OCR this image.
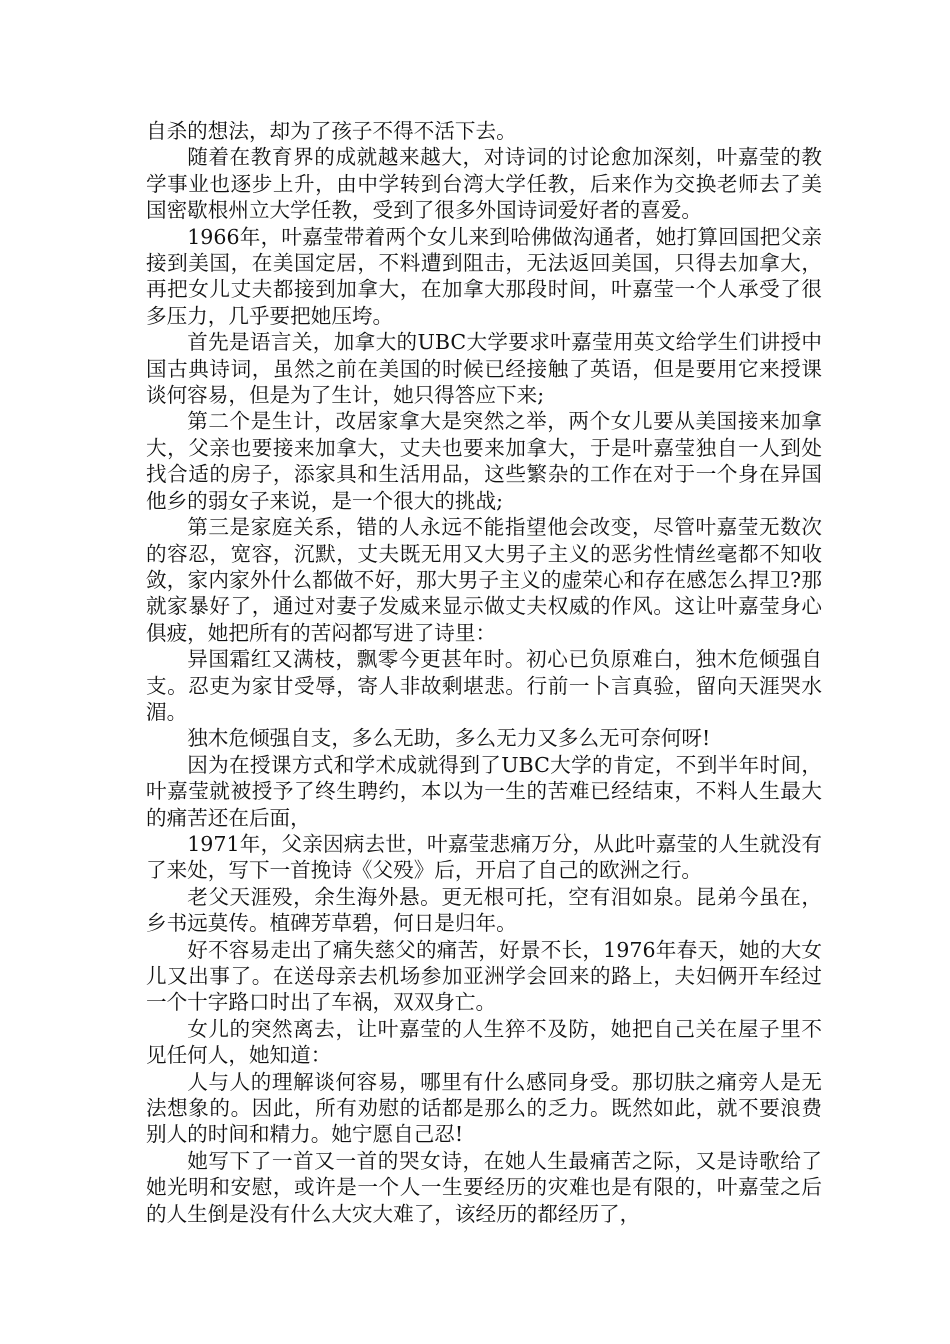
自杀的想法，却为了孩子不得不活下去。

随着在教育界的成就越来越大，对诗词的讨论愈加深刻，叶嘉莹的教学事业也逐步上升，由中学转到台湾大学任教，后来作为交换老师去了美国密歇根州立大学任教，受到了很多外国诗词爱好者的喜爱。

1966年，叶嘉莹带着两个女儿来到哈佛做沟通者，她打算回国把父亲接到美国，在美国定居，不料遭到阻击，无法返回美国，只得去加拿大，再把女儿丈夫都接到加拿大，在加拿大那段时间，叶嘉莹一个人承受了很多压力，几乎要把她压垮。

首先是语言关，加拿大的UBC大学要求叶嘉莹用英文给学生们讲授中国古典诗词，虽然之前在美国的时候已经接触了英语，但是要用它来授课谈何容易，但是为了生计，她只得答应下来;

第二个是生计，改居家拿大是突然之举，两个女儿要从美国接来加拿大，父亲也要接来加拿大，丈夫也要来加拿大，于是叶嘉莹独自一人到处找合适的房子，添家具和生活用品，这些繁杂的工作在对于一个身在异国他乡的弱女子来说，是一个很大的挑战;

第三是家庭关系，错的人永远不能指望他会改变，尽管叶嘉莹无数次的容忍，宽容，沉默，丈夫既无用又大男子主义的恶劣性情丝毫都不知收敛，家内家外什么都做不好，那大男子主义的虚荣心和存在感怎么捍卫?那就家暴好了，通过对妻子发威来显示做丈夫权威的作风。这让叶嘉莹身心俱疲，她把所有的苦闷都写进了诗里：

异国霜红又满枝，飘零今更甚年时。初心已负原难白，独木危倾强自支。忍吏为家甘受辱，寄人非故剩堪悲。行前一卜言真验，留向天涯哭水湄。

独木危倾强自支，多么无助，多么无力又多么无可奈何呀!

因为在授课方式和学术成就得到了UBC大学的肯定，不到半年时间，叶嘉莹就被授予了终生聘约，本以为一生的苦难已经结束，不料人生最大的痛苦还在后面，

1971年，父亲因病去世，叶嘉莹悲痛万分，从此叶嘉莹的人生就没有了来处，写下一首挽诗《父殁》后，开启了自己的欧洲之行。

老父天涯殁，余生海外悬。更无根可托，空有泪如泉。昆弟今虽在，乡书远莫传。植碑芳草碧，何日是归年。

好不容易走出了痛失慈父的痛苦，好景不长，1976年春天，她的大女儿又出事了。在送母亲去机场参加亚洲学会回来的路上，夫妇俩开车经过一个十字路口时出了车祸，双双身亡。

女儿的突然离去，让叶嘉莹的人生猝不及防，她把自己关在屋子里不见任何人，她知道：

人与人的理解谈何容易，哪里有什么感同身受。那切肤之痛旁人是无法想象的。因此，所有劝慰的话都是那么的乏力。既然如此，就不要浪费别人的时间和精力。她宁愿自己忍!

她写下了一首又一首的哭女诗，在她人生最痛苦之际，又是诗歌给了她光明和安慰，或许是一个人一生要经历的灾难也是有限的，叶嘉莹之后的人生倒是没有什么大灾大难了，该经历的都经历了，
